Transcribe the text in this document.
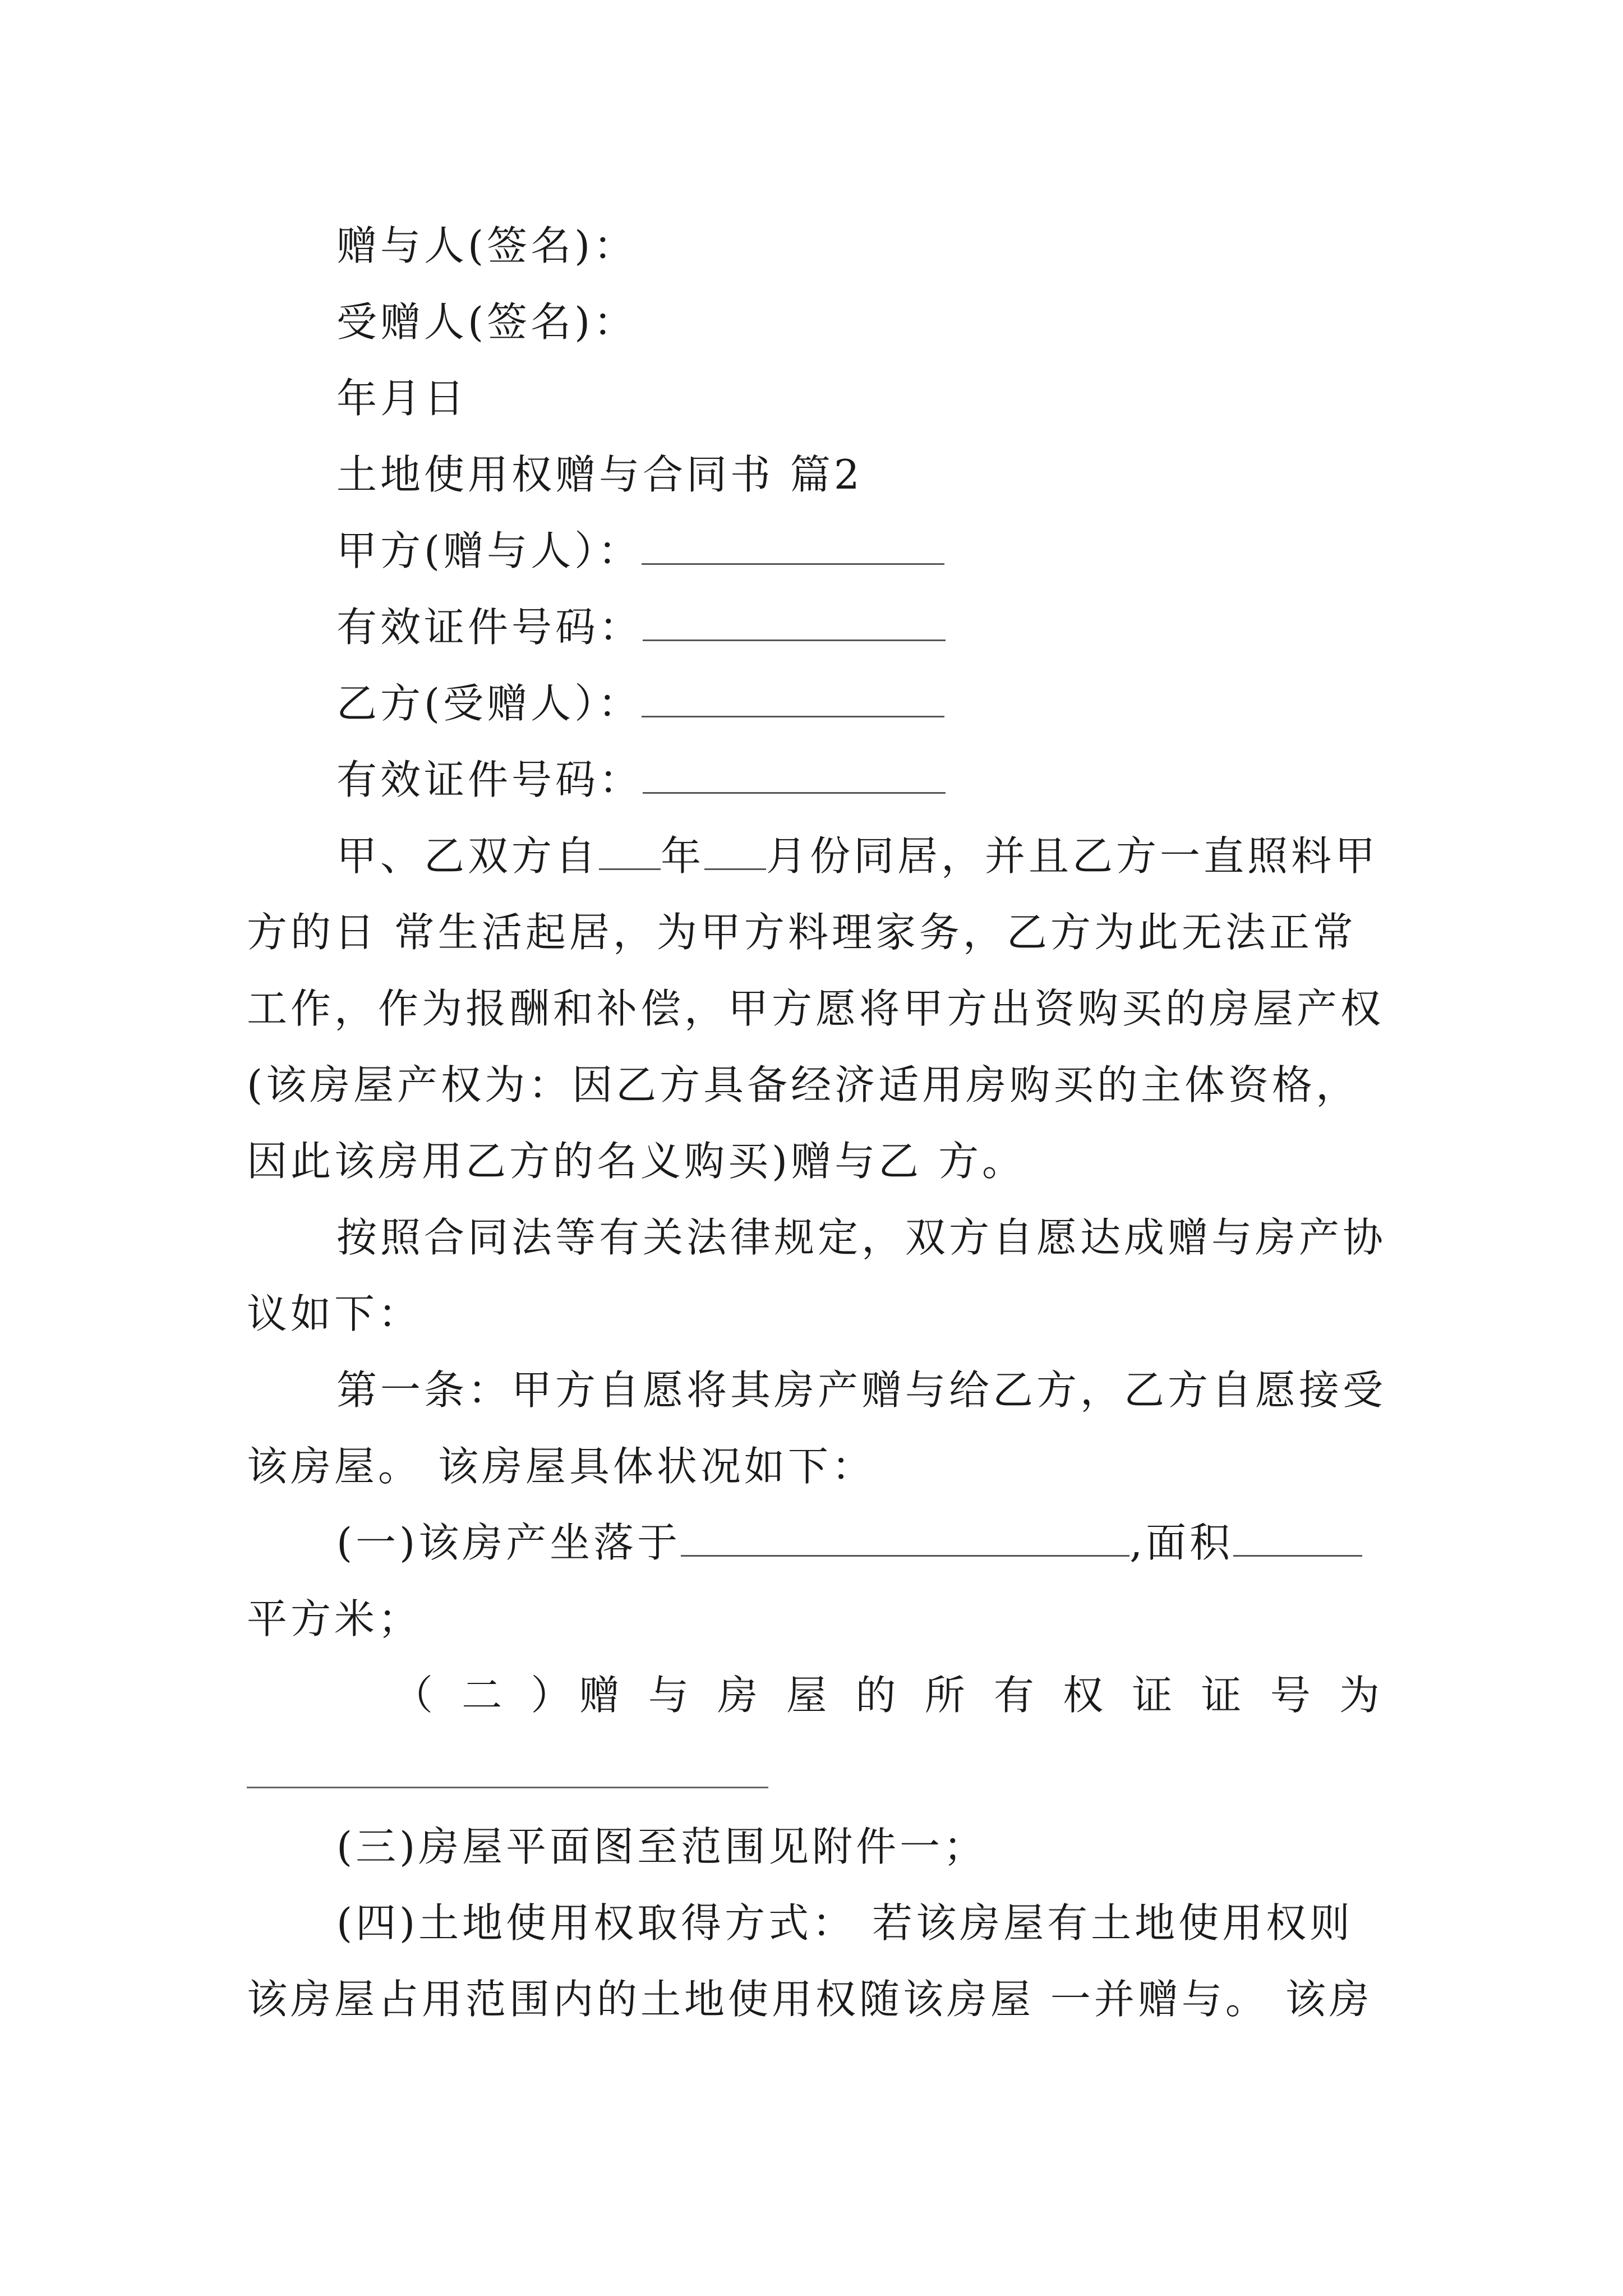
赠与人(签名)：
受赠人(签名)：
年月日
土地使用权赠与合同书 篇2
甲方(赠与人）：
有效证件号码：
乙方(受赠人）：
有效证件号码：
甲、乙双方自 年 月份同居，并且乙方一直照料甲
方的日 常生活起居，为甲方料理家务，乙方为此无法正常
工作，作为报酬和补偿，甲方愿将甲方出资购买的房屋产权
(该房屋产权为：因乙方具备经济适用房购买的主体资格，
因此该房用乙方的名义购买)赠与乙 方。
按照合同法等有关法律规定，双方自愿达成赠与房产协
议如下：
第一条：甲方自愿将其房产赠与给乙方，乙方自愿接受
该房屋。 该房屋具体状况如下：
(一)该房产坐落于	,面积
平方米；
（ 二 ）赠 与 房 屋 的 所 有 权 证 证 号 为
(三)房屋平面图至范围见附件一；
(四)土地使用权取得方式： 若该房屋有土地使用权则
该房屋占用范围内的土地使用权随该房屋 一并赠与。 该房
